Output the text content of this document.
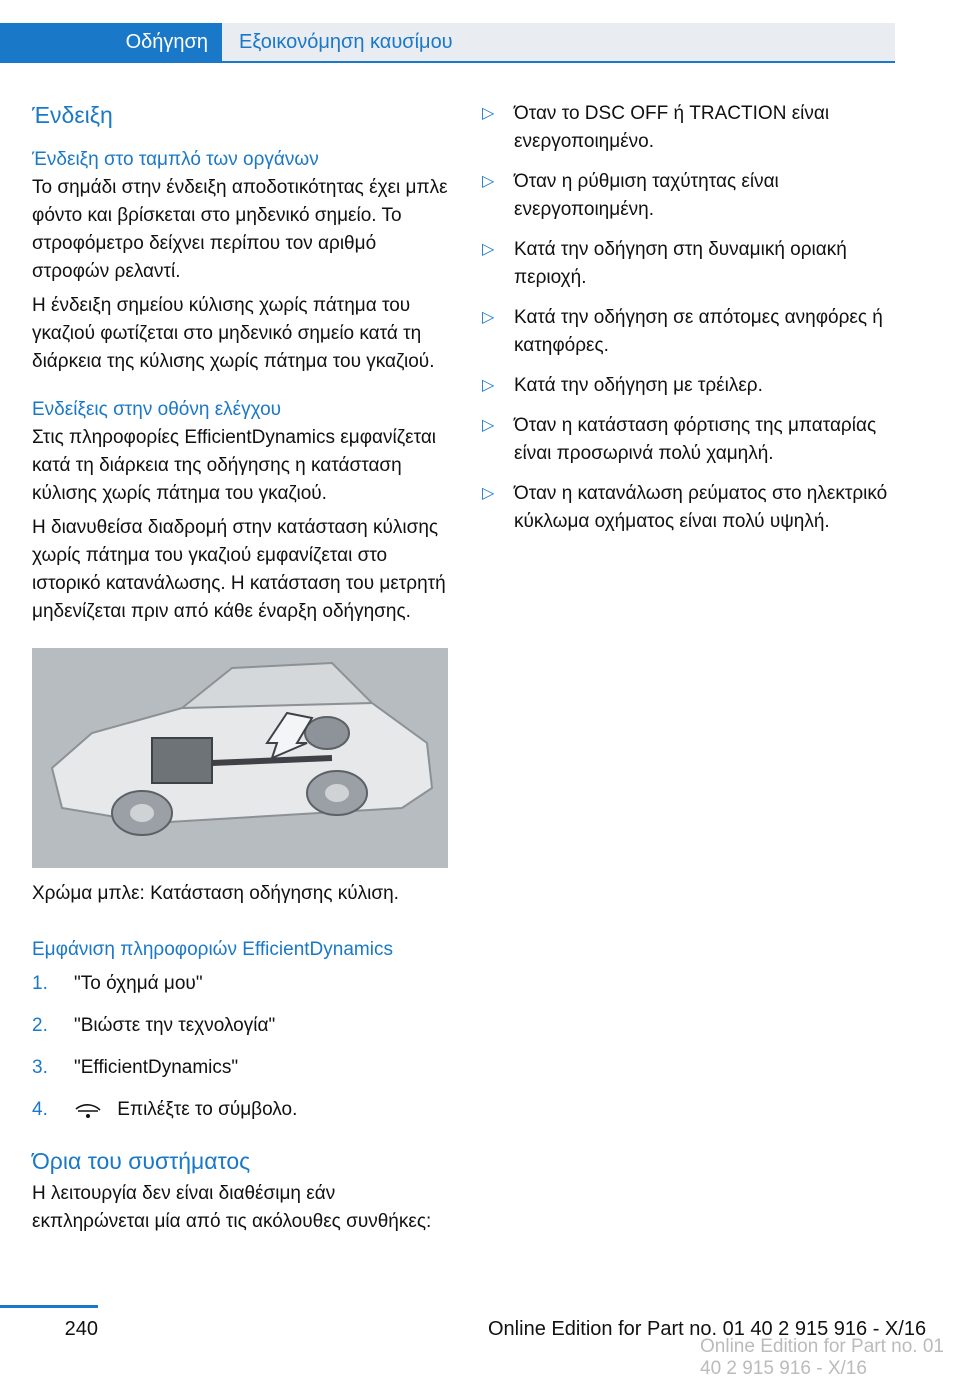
Οδήγηση Εξοικονόμηση καυσίμου
Ένδειξη
Ένδειξη στο ταμπλό των οργάνων

Το σημάδι στην ένδειξη αποδοτικότητας έχει μπλε φόντο και βρίσκεται στο μηδενικό σημείο. Το στροφόμετρο δείχνει περίπου τον αριθμό στροφών ρελαντί.

Η ένδειξη σημείου κύλισης χωρίς πάτημα του γκαζιού φωτίζεται στο μηδενικό σημείο κατά τη διάρκεια της κύλισης χωρίς πάτημα του γκαζιού.

Ενδείξεις στην οθόνη ελέγχου

Στις πληροφορίες EfficientDynamics εμφανίζεται κατά τη διάρκεια της οδήγησης η κατάσταση κύλισης χωρίς πάτημα του γκαζιού.

Η διανυθείσα διαδρομή στην κατάσταση κύλισης χωρίς πάτημα του γκαζιού εμφανίζεται στο ιστορικό κατανάλωσης. Η κατάσταση του μετρητή μηδενίζεται πριν από κάθε έναρξη οδήγησης.

Χρώμα μπλε: Κατάσταση οδήγησης κύλιση.

Εμφάνιση πληροφοριών EfficientDynamics
1. "Το όχημά μου"
2. "Βιώστε την τεχνολογία"
3. "EfficientDynamics"
4.	Επιλέξτε το σύμβολο.
Όρια του συστήματος

Η λειτουργία δεν είναι διαθέσιμη εάν εκπληρώνεται μία από τις ακόλουθες συνθήκες:

▷ Όταν το DSC OFF ή TRACTION είναι ενεργοποιημένο.
▷ Όταν η ρύθμιση ταχύτητας είναι ενεργοποιημένη.
▷ Κατά την οδήγηση στη δυναμική οριακή περιοχή.
▷ Κατά την οδήγηση σε απότομες ανηφόρες ή κατηφόρες.
▷ Κατά την οδήγηση με τρέιλερ.
▷ Όταν η κατάσταση φόρτισης της μπαταρίας είναι προσωρινά πολύ χαμηλή.
▷ Όταν η κατανάλωση ρεύματος στο ηλεκτρικό κύκλωμα οχήματος είναι πολύ υψηλή.
240	Online Edition for Part no. 01 40 2 915 916 - X/16
Online Edition for Part no. 01 40 2 915 916 - X/16
